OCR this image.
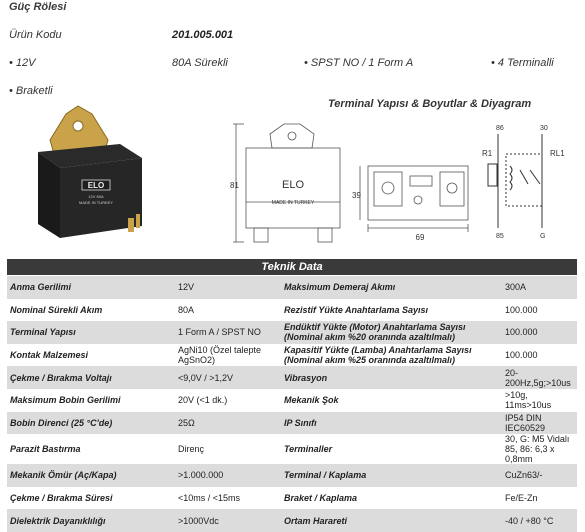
Güç Rölesi
Ürün Kodu	201.005.001
• 12V	80A Sürekli	• SPST NO / 1 Form A	• 4 Terminalli
• Braketli
Terminal Yapısı & Boyutlar & Diyagram
ELO
12V 80A
MADE IN TURKEY
81	ELO
MADE IN TURKEY
39
69
86	30
85	G
R1	RL1
Teknik Data
Anma Gerilimi	12V	Maksimum Demeraj Akımı	300A
Nominal Sürekli Akım	80A	Rezistif Yükte Anahtarlama Sayısı	100.000
Terminal Yapısı	1 Form A / SPST NO	Endüktif Yükte (Motor) Anahtarlama Sayısı (Nominal akım %20 oranında azaltılmalı)	100.000
Kontak Malzemesi	AgNi10 (Özel talepte AgSnO2)	Kapasitif Yükte (Lamba) Anahtarlama Sayısı (Nominal akım %25 oranında azaltılmalı)	100.000
Çekme / Bırakma Voltajı	<9,0V / >1,2V	Vibrasyon	20-200Hz,5g;>10us
Maksimum Bobin Gerilimi	20V (<1 dk.)	Mekanik Şok	>10g, 11ms>10us
Bobin Direnci (25 °C'de)	25Ω	IP Sınıfı	IP54 DIN IEC60529
Parazit Bastırma	Direnç	Terminaller	30, G: M5 Vidalı 85, 86: 6,3 x 0,8mm
Mekanik Ömür (Aç/Kapa)	>1.000.000	Terminal / Kaplama	CuZn63/-
Çekme / Bırakma Süresi	<10ms / <15ms	Braket / Kaplama	Fe/E-Zn
Dielektrik Dayanıklılığı	>1000Vdc	Ortam Harareti	-40 / +80 °C
